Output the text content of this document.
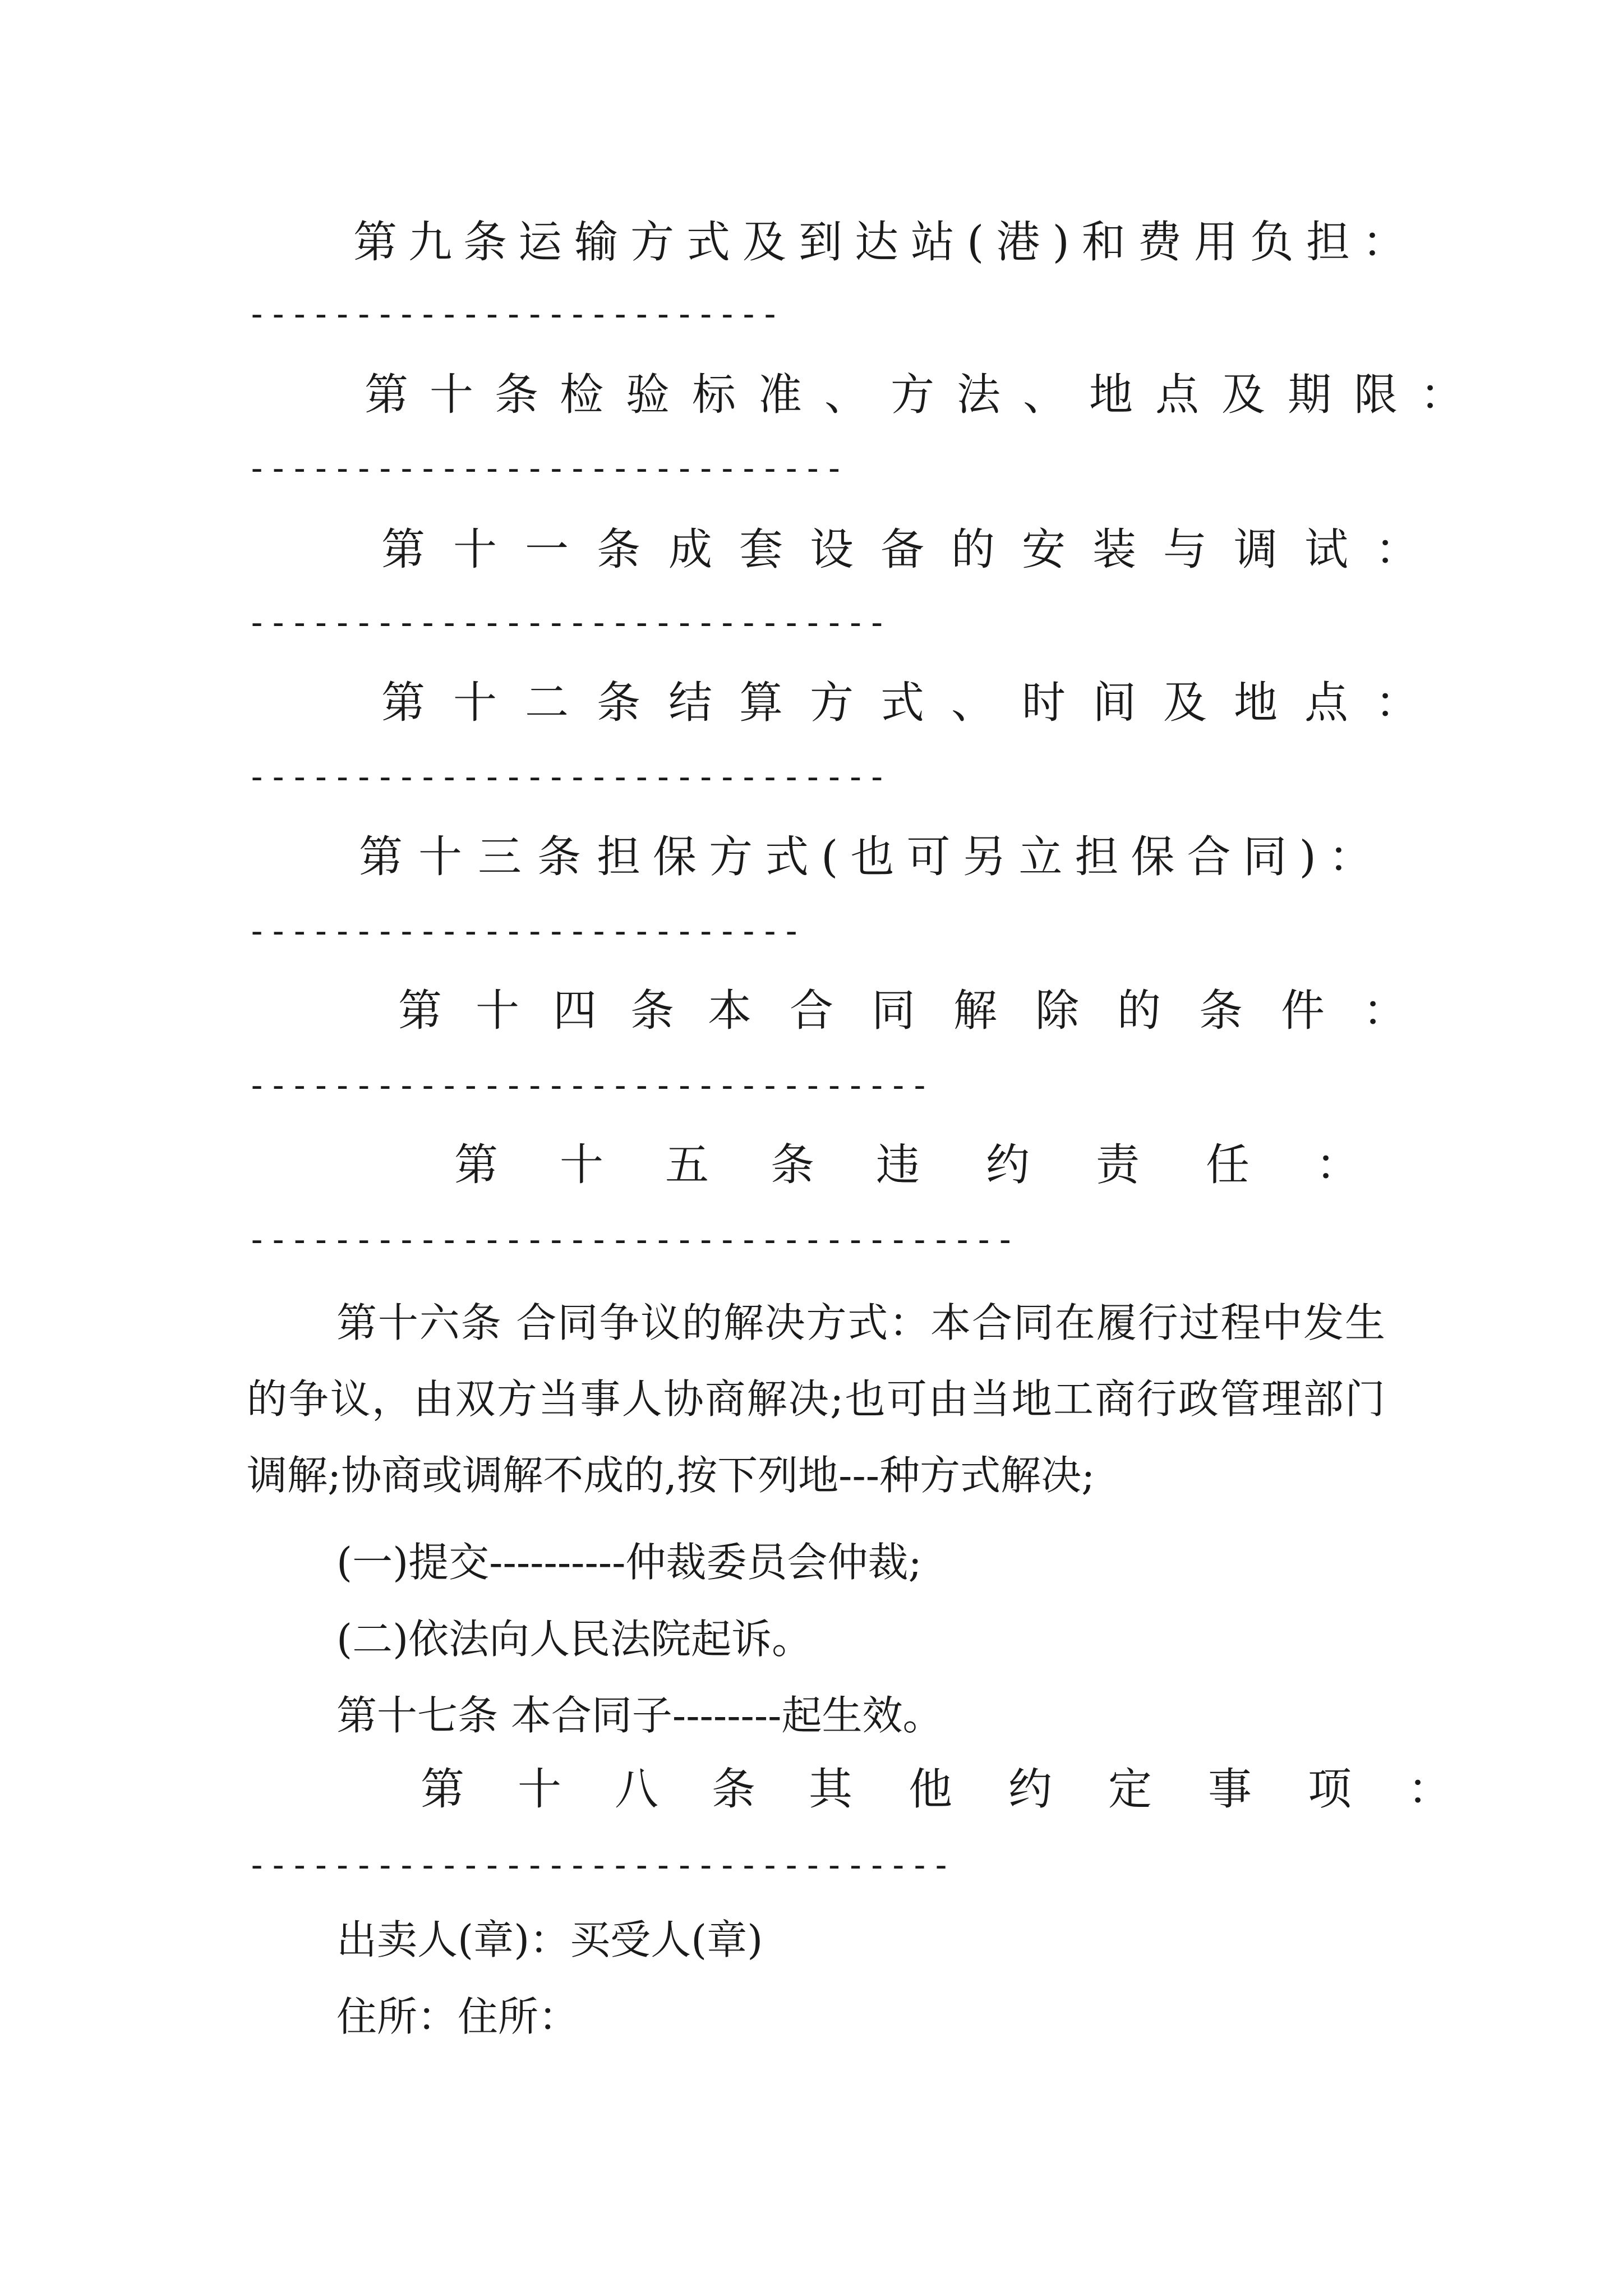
第九条 运输方式及到达站(港)和费用负担：
-------------------------
第十条 检验标准、方法、地点及期限：
----------------------------
第十一条 成套设备的安装与调试：
------------------------------
第十二条 结算方式、时间及地点：
------------------------------
第十三条 担保方式(也可另立担保合同)：
--------------------------
第十四条 本合同解除的条件：
--------------------------------
第十五条 违约责任：
------------------------------------
第十六条 合同争议的解决方式：本合同在履行过程中发生的争议，由双方当事人协商解决;也可由当地工商行政管理部门调解;协商或调解不成的,按下列地---种方式解决;
(一)提交----------仲裁委员会仲裁;
(二)依法向人民法院起诉。
第十七条 本合同子--------起生效。
第十八条 其他约定事项：
---------------------------------
出卖人(章)：买受人(章)
住所：住所：
